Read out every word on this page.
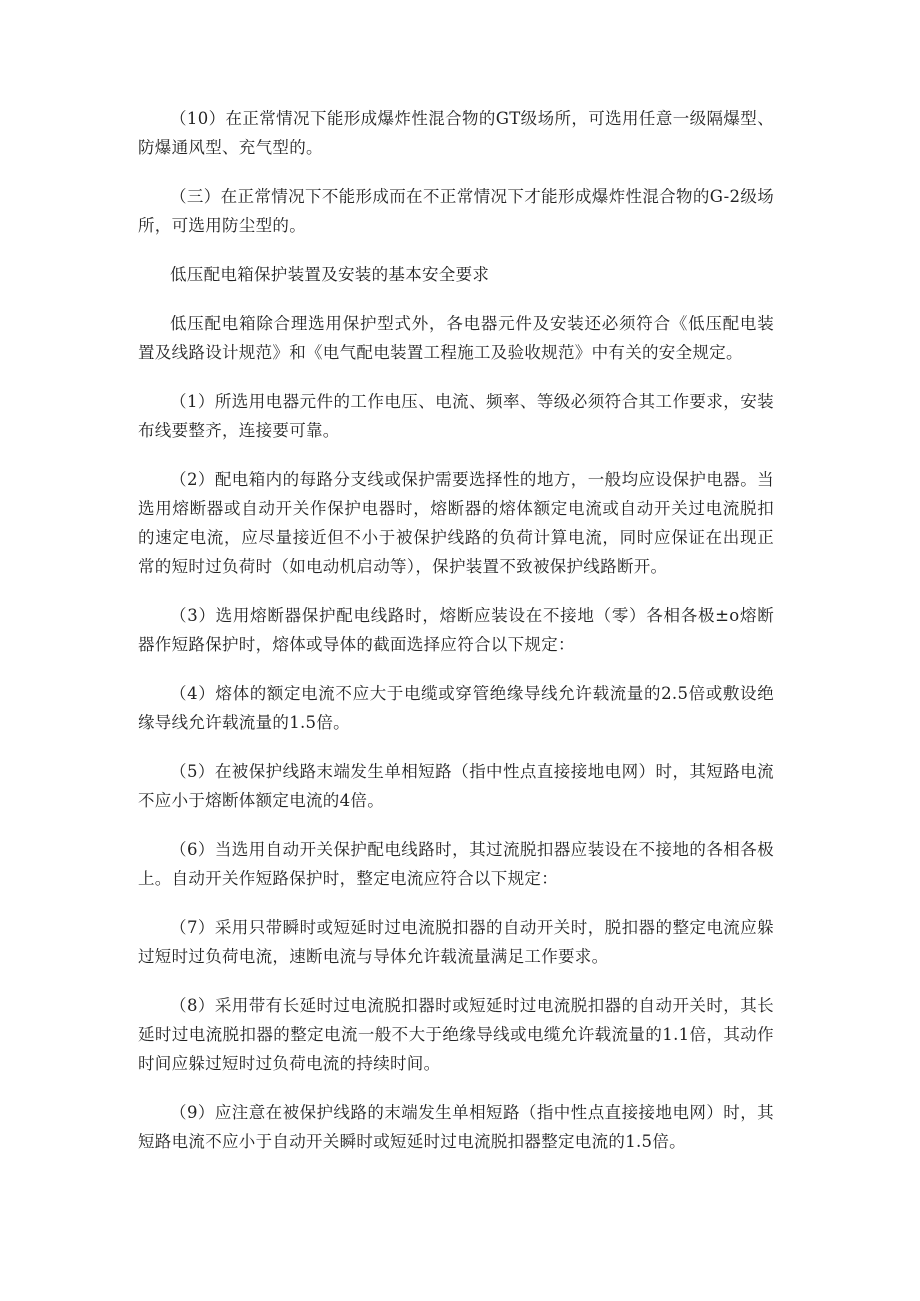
（10）在正常情况下能形成爆炸性混合物的GT级场所，可选用任意一级隔爆型、防爆通风型、充气型的。

（三）在正常情况下不能形成而在不正常情况下才能形成爆炸性混合物的G-2级场所，可选用防尘型的。

低压配电箱保护装置及安装的基本安全要求

低压配电箱除合理选用保护型式外，各电器元件及安装还必须符合《低压配电装置及线路设计规范》和《电气配电装置工程施工及验收规范》中有关的安全规定。

（1）所选用电器元件的工作电压、电流、频率、等级必须符合其工作要求，安装布线要整齐，连接要可靠。

（2）配电箱内的每路分支线或保护需要选择性的地方，一般均应设保护电器。当选用熔断器或自动开关作保护电器时，熔断器的熔体额定电流或自动开关过电流脱扣的速定电流，应尽量接近但不小于被保护线路的负荷计算电流，同时应保证在出现正常的短时过负荷时（如电动机启动等），保护装置不致被保护线路断开。

（3）选用熔断器保护配电线路时，熔断应装设在不接地（零）各相各极±o熔断器作短路保护时，熔体或导体的截面选择应符合以下规定：

（4）熔体的额定电流不应大于电缆或穿管绝缘导线允许载流量的2.5倍或敷设绝缘导线允许载流量的1.5倍。

（5）在被保护线路末端发生单相短路（指中性点直接接地电网）时，其短路电流不应小于熔断体额定电流的4倍。

（6）当选用自动开关保护配电线路时，其过流脱扣器应装设在不接地的各相各极上。自动开关作短路保护时，整定电流应符合以下规定：

（7）采用只带瞬时或短延时过电流脱扣器的自动开关时，脱扣器的整定电流应躲过短时过负荷电流，速断电流与导体允许载流量满足工作要求。

（8）采用带有长延时过电流脱扣器时或短延时过电流脱扣器的自动开关时，其长延时过电流脱扣器的整定电流一般不大于绝缘导线或电缆允许载流量的1.1倍，其动作时间应躲过短时过负荷电流的持续时间。

（9）应注意在被保护线路的末端发生单相短路（指中性点直接接地电网）时，其短路电流不应小于自动开关瞬时或短延时过电流脱扣器整定电流的1.5倍。
